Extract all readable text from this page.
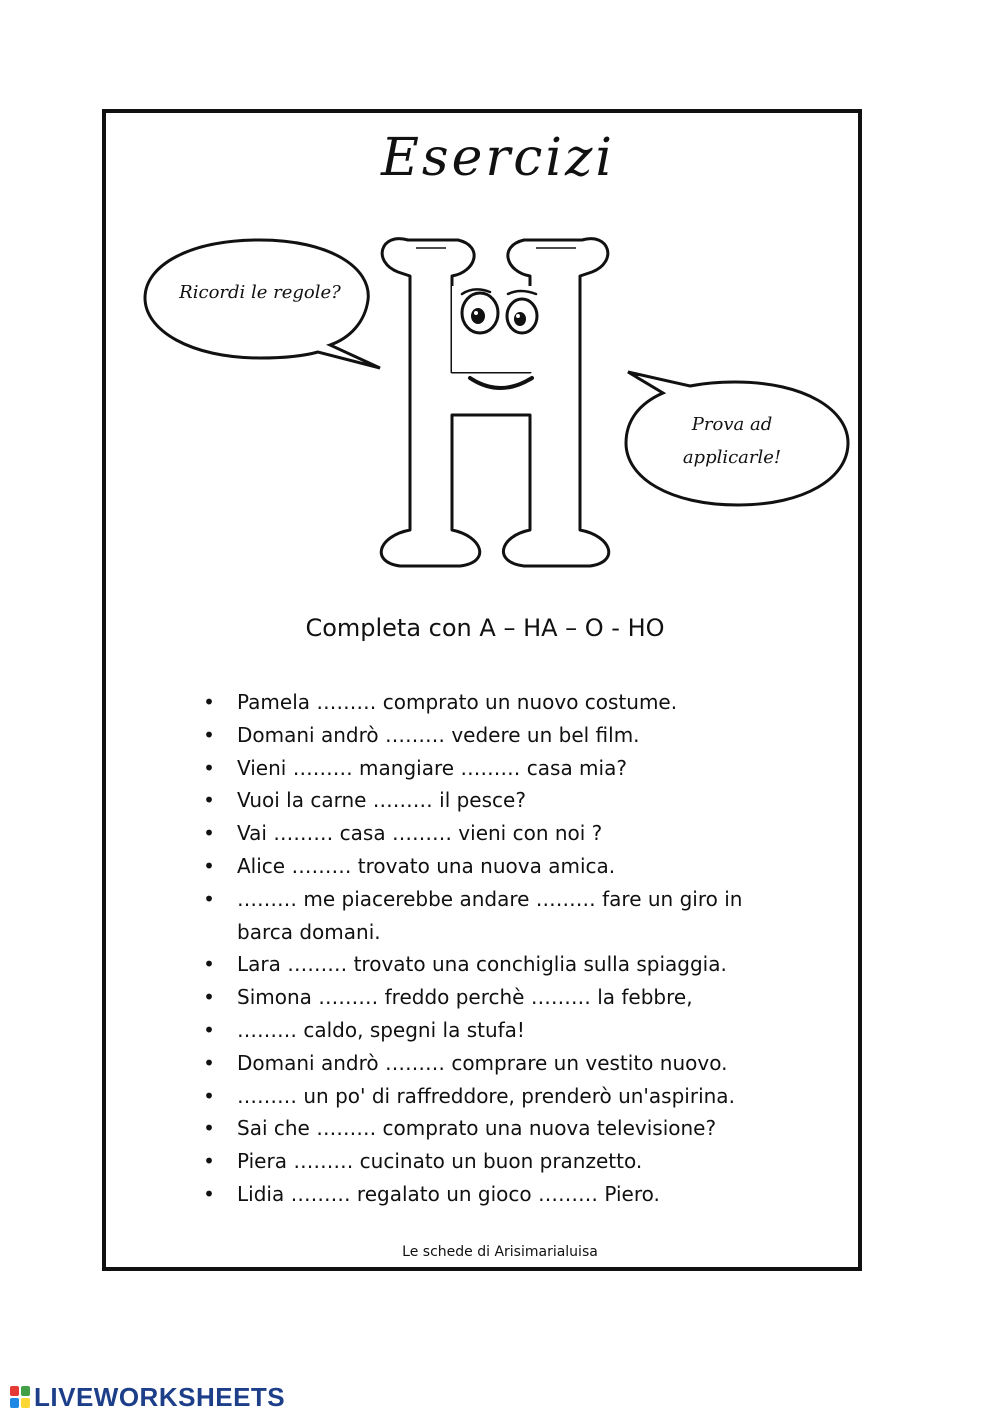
Esercizi
Ricordi le regole?
Prova ad
applicarle!
Completa con A – HA – O - HO
• Pamela ……… comprato un nuovo costume.
• Domani andrò ……… vedere un bel film.
• Vieni ……… mangiare ……… casa mia?
• Vuoi la carne ……… il pesce?
• Vai ……… casa ……… vieni con noi ?
• Alice ……… trovato una nuova amica.
• ……… me piacerebbe andare ……… fare un giro in barca domani.
• Lara ……… trovato una conchiglia sulla spiaggia.
• Simona ……… freddo perchè ……… la febbre,
• ……… caldo, spegni la stufa!
• Domani andrò ……… comprare un vestito nuovo.
• ……… un po' di raffreddore, prenderò un'aspirina.
• Sai che ……… comprato una nuova televisione?
• Piera ……… cucinato un buon pranzetto.
• Lidia ……… regalato un gioco ……… Piero.
Le schede di Arisimarialuisa
LIVEWORKSHEETS
